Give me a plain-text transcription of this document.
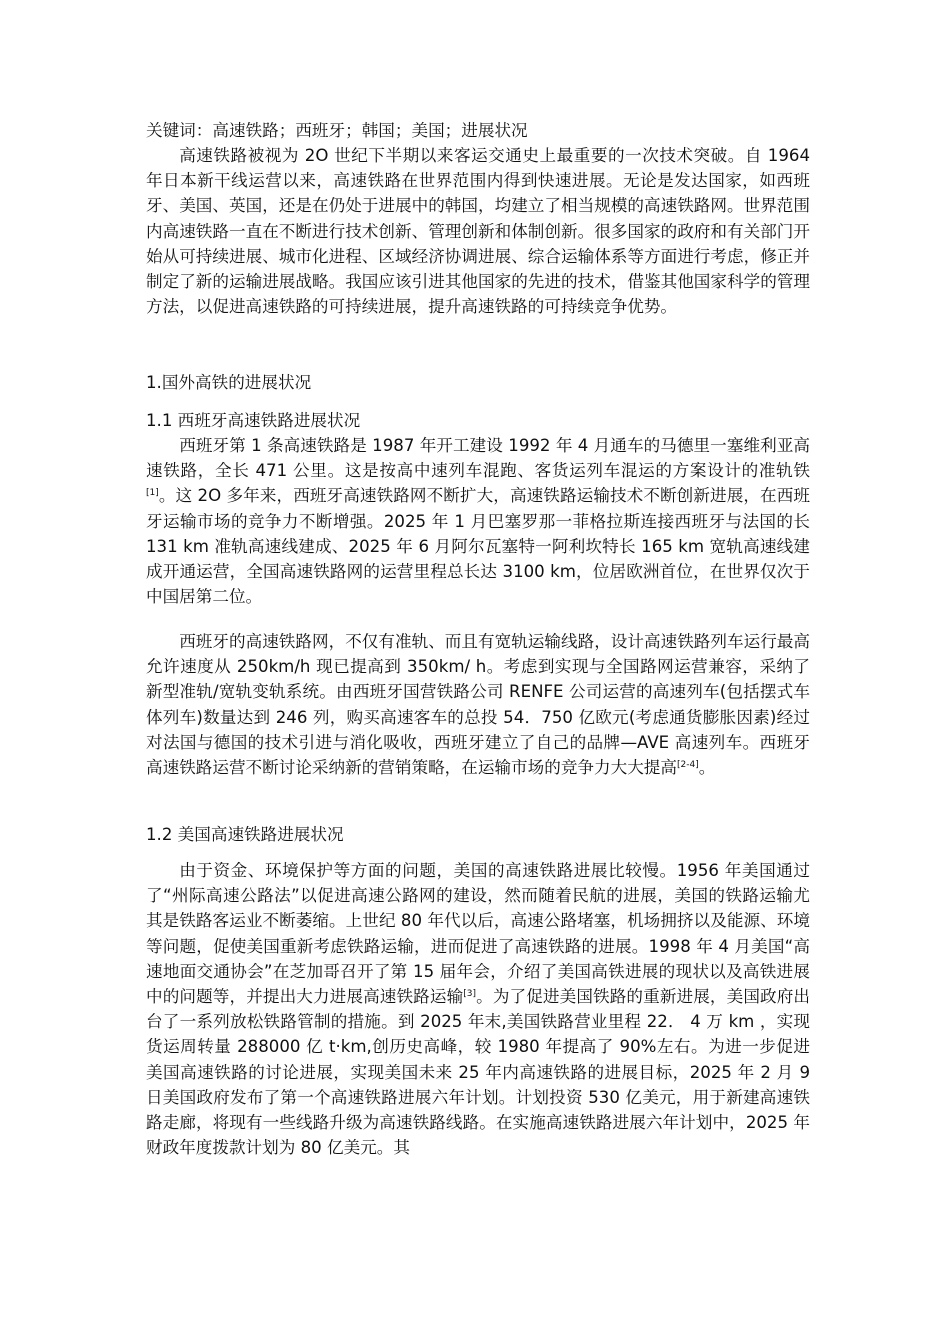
关键词：高速铁路；西班牙；韩国；美国；进展状况
高速铁路被视为 2O 世纪下半期以来客运交通史上最重要的一次技术突破。自 1964 年日本新干线运营以来，高速铁路在世界范围内得到快速进展。无论是发达国家，如西班牙、美国、英国，还是在仍处于进展中的韩国，均建立了相当规模的高速铁路网。世界范围内高速铁路一直在不断进行技术创新、管理创新和体制创新。很多国家的政府和有关部门开始从可持续进展、城市化进程、区域经济协调进展、综合运输体系等方面进行考虑，修正并制定了新的运输进展战略。我国应该引进其他国家的先进的技术，借鉴其他国家科学的管理方法，以促进高速铁路的可持续进展，提升高速铁路的可持续竞争优势。
1.国外高铁的进展状况
1.1 西班牙高速铁路进展状况
西班牙第 1 条高速铁路是 1987 年开工建设 1992 年 4 月通车的马德里一塞维利亚高速铁路，全长 471 公里。这是按高中速列车混跑、客货运列车混运的方案设计的准轨铁 [1]。这 2O 多年来，西班牙高速铁路网不断扩大，高速铁路运输技术不断创新进展，在西班牙运输市场的竞争力不断增强。2025 年 1 月巴塞罗那一菲格拉斯连接西班牙与法国的长 131 km 准轨高速线建成、2025 年 6 月阿尔瓦塞特一阿利坎特长 165 km 宽轨高速线建成开通运营，全国高速铁路网的运营里程总长达 3100 km，位居欧洲首位，在世界仅次于中国居第二位。
西班牙的高速铁路网，不仅有准轨、而且有宽轨运输线路，设计高速铁路列车运行最高允许速度从 250km/h 现已提高到 350km/ h。考虑到实现与全国路网运营兼容，采纳了新型准轨/宽轨变轨系统。由西班牙国营铁路公司 RENFE 公司运营的高速列车(包括摆式车体列车)数量达到 246 列，购买高速客车的总投 54．750 亿欧元(考虑通货膨胀因素)经过对法国与德国的技术引进与消化吸收，西班牙建立了自己的品牌—AVE 高速列车。西班牙高速铁路运营不断讨论采纳新的营销策略，在运输市场的竞争力大大提高[2-4]。
1.2 美国高速铁路进展状况
由于资金、环境保护等方面的问题，美国的高速铁路进展比较慢。1956 年美国通过了“州际高速公路法”以促进高速公路网的建设，然而随着民航的进展，美国的铁路运输尤其是铁路客运业不断萎缩。上世纪 80 年代以后，高速公路堵塞，机场拥挤以及能源、环境等问题，促使美国重新考虑铁路运输，进而促进了高速铁路的进展。1998 年 4 月美国“高速地面交通协会”在芝加哥召开了第 15 届年会，介绍了美国高铁进展的现状以及高铁进展中的问题等，并提出大力进展高速铁路运输[3]。为了促进美国铁路的重新进展，美国政府出台了一系列放松铁路管制的措施。到 2025 年末,美国铁路营业里程 22． 4 万 km ，实现 货运周转量 288000 亿 t·km,创历史高峰，较 1980 年提高了 90%左右。为进一步促进美国高速铁路的讨论进展，实现美国未来 25 年内高速铁路的进展目标，2025 年 2 月 9 日美国政府发布了第一个高速铁路进展六年计划。计划投资 530 亿美元，用于新建高速铁路走廊，将现有一些线路升级为高速铁路线路。在实施高速铁路进展六年计划中，2025 年财政年度拨款计划为 80 亿美元。其
